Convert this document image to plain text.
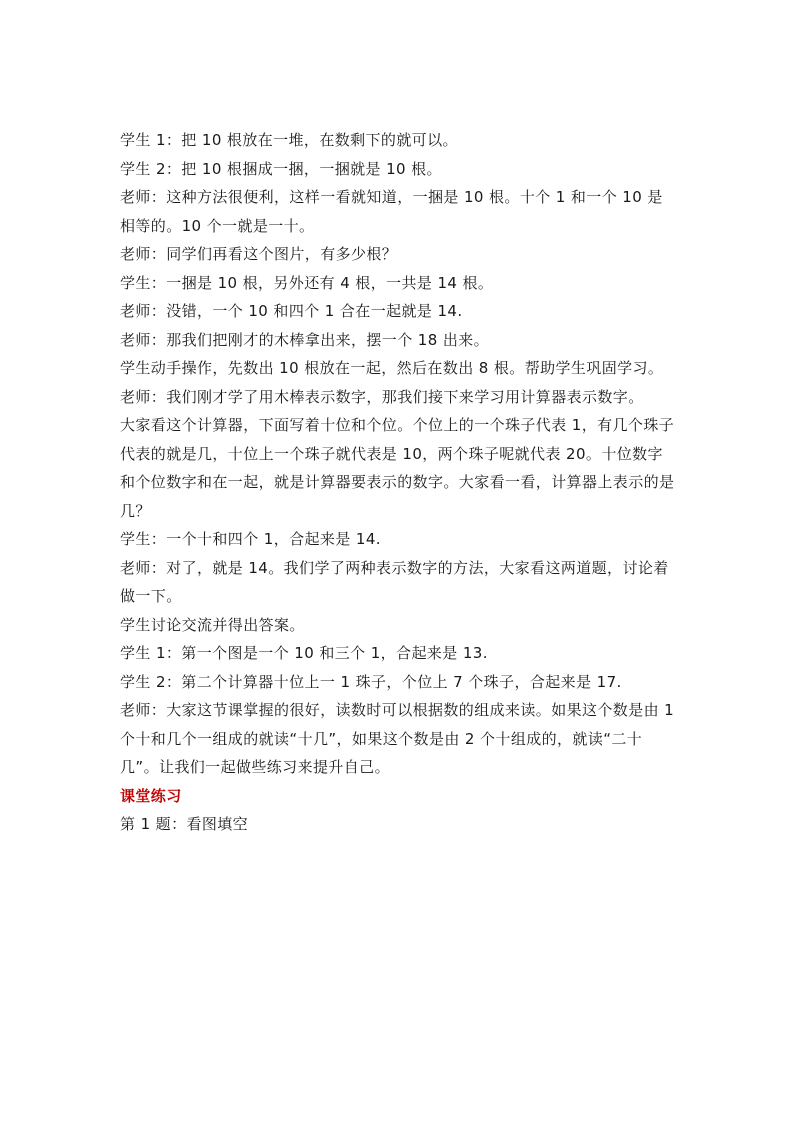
学生 1：把 10 根放在一堆，在数剩下的就可以。

学生 2：把 10 根捆成一捆，一捆就是 10 根。

老师：这种方法很便利，这样一看就知道，一捆是 10 根。十个 1 和一个 10 是相等的。10 个一就是一十。

老师：同学们再看这个图片，有多少根？

学生：一捆是 10 根，另外还有 4 根，一共是 14 根。

老师：没错，一个 10 和四个 1 合在一起就是 14.

老师：那我们把刚才的木棒拿出来，摆一个 18 出来。

学生动手操作，先数出 10 根放在一起，然后在数出 8 根。帮助学生巩固学习。

老师：我们刚才学了用木棒表示数字，那我们接下来学习用计算器表示数字。

大家看这个计算器，下面写着十位和个位。个位上的一个珠子代表 1，有几个珠子代表的就是几，十位上一个珠子就代表是 10，两个珠子呢就代表 20。十位数字和个位数字和在一起，就是计算器要表示的数字。大家看一看，计算器上表示的是几？

学生：一个十和四个 1，合起来是 14.

老师：对了，就是 14。我们学了两种表示数字的方法，大家看这两道题，讨论着做一下。

学生讨论交流并得出答案。

学生 1：第一个图是一个 10 和三个 1，合起来是 13.

学生 2：第二个计算器十位上一 1 珠子，个位上 7 个珠子，合起来是 17.

老师：大家这节课掌握的很好，读数时可以根据数的组成来读。如果这个数是由 1 个十和几个一组成的就读“十几”，如果这个数是由 2 个十组成的，就读“二十几”。让我们一起做些练习来提升自己。

课堂练习

第 1 题：看图填空
